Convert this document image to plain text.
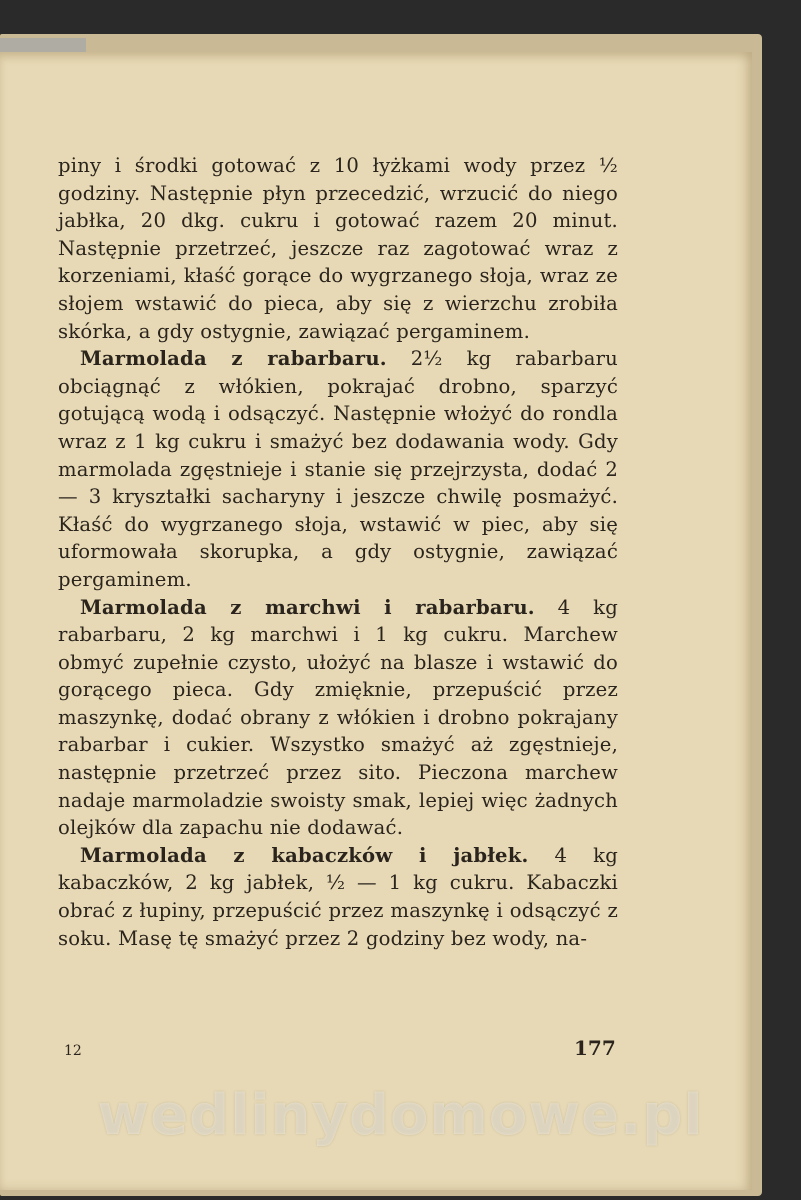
piny i środki gotować z 10 łyżkami wody przez ½ godziny. Następnie płyn przecedzić, wrzucić do niego jabłka, 20 dkg. cukru i gotować razem 20 minut. Następnie przetrzeć, jeszcze raz zagotować wraz z korzeniami, kłaść gorące do wygrzanego słoja, wraz ze słojem wstawić do pieca, aby się z wierzchu zrobiła skórka, a gdy ostygnie, zawiązać pergaminem.

Marmolada z rabarbaru. 2½ kg rabarbaru obciągnąć z włókien, pokrajać drobno, sparzyć gotującą wodą i odsączyć. Następnie włożyć do rondla wraz z 1 kg cukru i smażyć bez dodawania wody. Gdy marmolada zgęstnieje i stanie się przejrzysta, dodać 2 — 3 kryształki sacharyny i jeszcze chwilę posmażyć. Kłaść do wygrzanego słoja, wstawić w piec, aby się uformowała skorupka, a gdy ostygnie, zawiązać pergaminem.

Marmolada z marchwi i rabarbaru. 4 kg rabarbaru, 2 kg marchwi i 1 kg cukru. Marchew obmyć zupełnie czysto, ułożyć na blasze i wstawić do gorącego pieca. Gdy zmięknie, przepuścić przez maszynkę, dodać obrany z włókien i drobno pokrajany rabarbar i cukier. Wszystko smażyć aż zgęstnieje, następnie przetrzeć przez sito. Pieczona marchew nadaje marmoladzie swoisty smak, lepiej więc żadnych olejków dla zapachu nie dodawać.

Marmolada z kabaczków i jabłek. 4 kg kabaczków, 2 kg jabłek, ½ — 1 kg cukru. Kabaczki obrać z łupiny, przepuścić przez maszynkę i odsączyć z soku. Masę tę smażyć przez 2 godziny bez wody, na-

12	177
wedlinydomowe.pl
